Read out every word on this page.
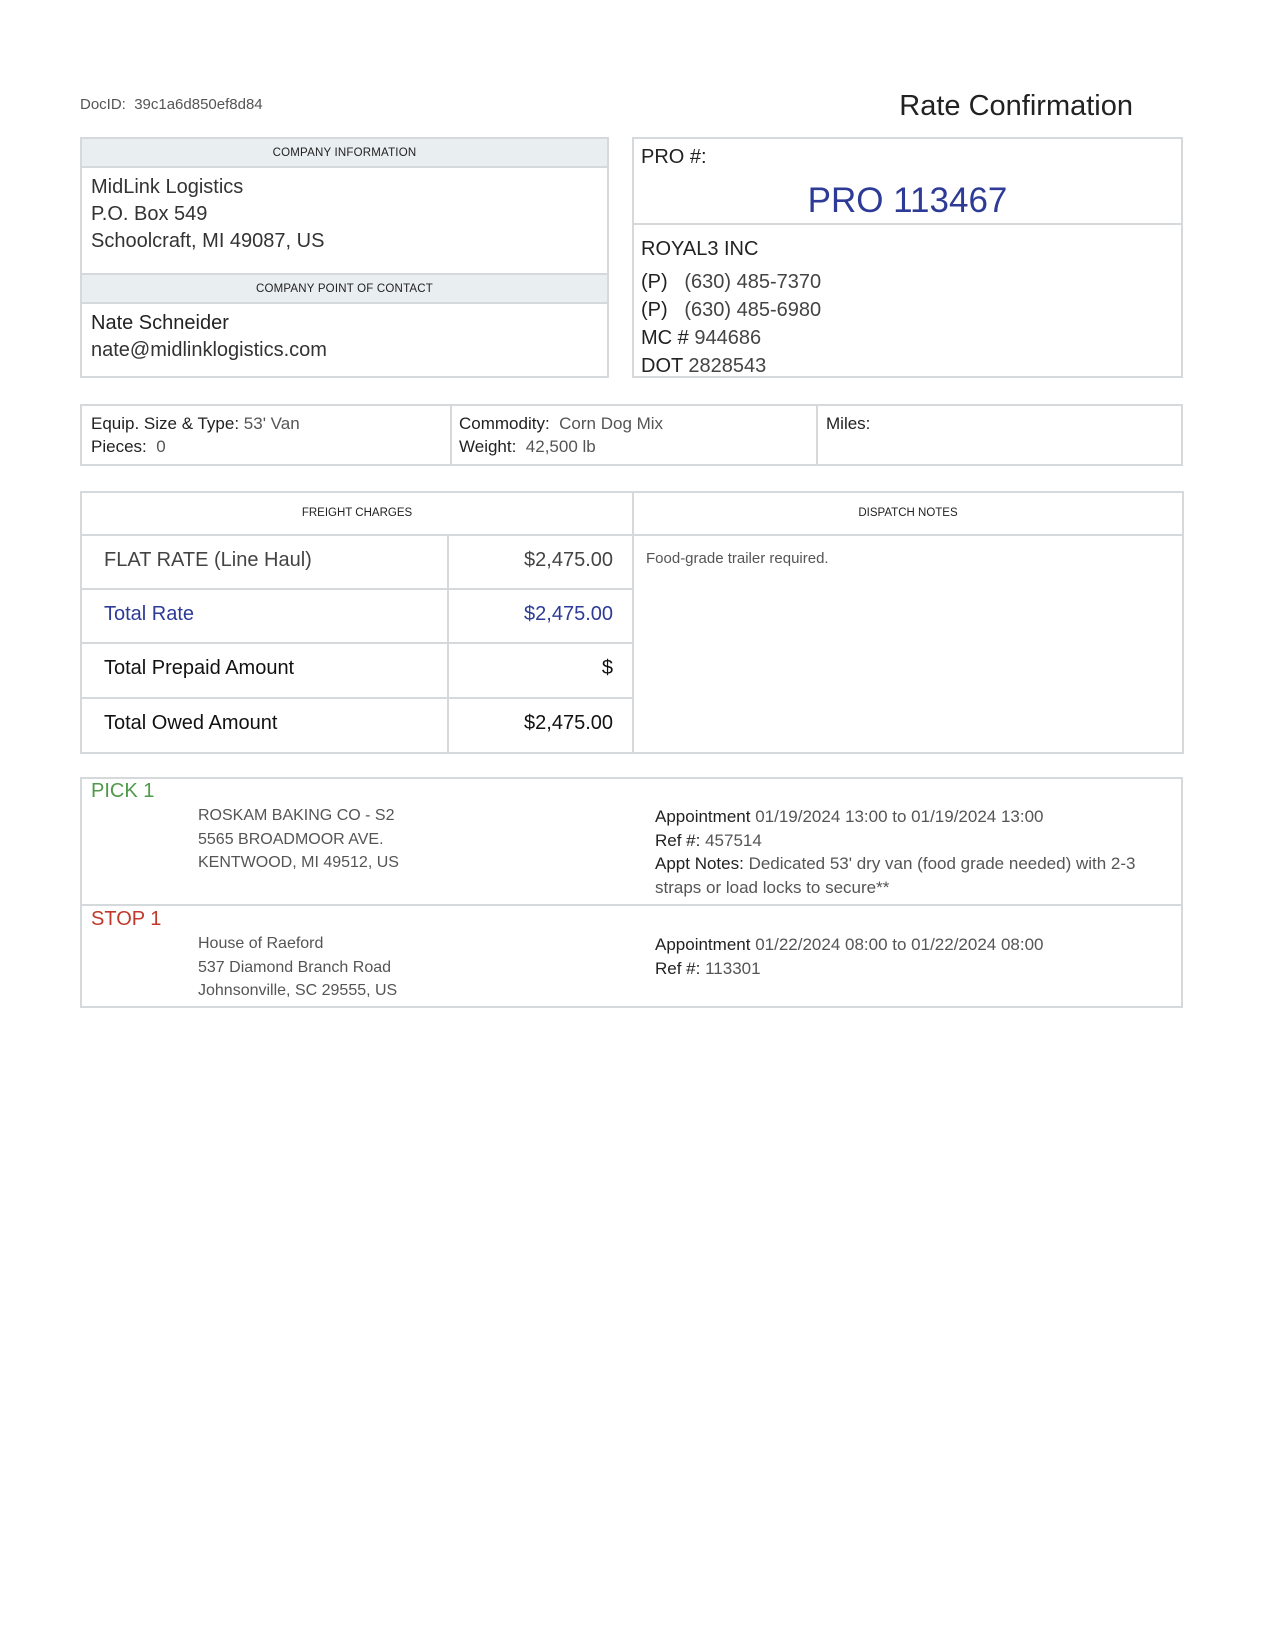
DocID: 39c1a6d850ef8d84	Rate Confirmation
COMPANY INFORMATION
MidLink Logistics
P.O. Box 549
Schoolcraft, MI 49087, US
COMPANY POINT OF CONTACT
Nate Schneider
nate@midlinklogistics.com
PRO #:
PRO 113467
ROYAL3 INC
(P) (630) 485-7370
(P) (630) 485-6980
MC # 944686
DOT 2828543
Equip. Size & Type: 53' Van
Pieces: 0
Commodity: Corn Dog Mix
Weight: 42,500 lb
Miles:
FREIGHT CHARGES	DISPATCH NOTES
FLAT RATE (Line Haul)	$2,475.00
Total Rate	$2,475.00
Total Prepaid Amount	$
Total Owed Amount	$2,475.00
Food-grade trailer required.
PICK 1
ROSKAM BAKING CO - S2
5565 BROADMOOR AVE.
KENTWOOD, MI 49512, US
Appointment 01/19/2024 13:00 to 01/19/2024 13:00
Ref #: 457514
Appt Notes: Dedicated 53' dry van (food grade needed) with 2-3
straps or load locks to secure**
STOP 1
House of Raeford
537 Diamond Branch Road
Johnsonville, SC 29555, US
Appointment 01/22/2024 08:00 to 01/22/2024 08:00
Ref #: 113301
